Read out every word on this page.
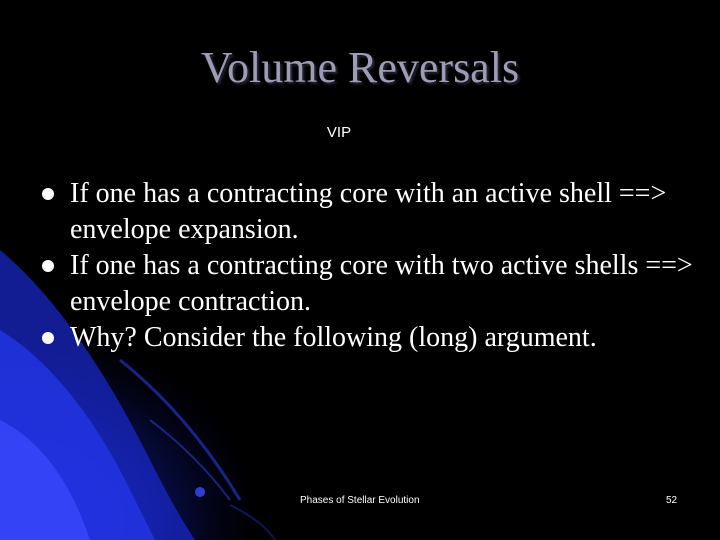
Volume Reversals
VIP
If one has a contracting core with an active shell ==> envelope expansion.
If one has a contracting core with two active shells ==> envelope contraction.
Why? Consider the following (long) argument.
Phases of Stellar Evolution	52
